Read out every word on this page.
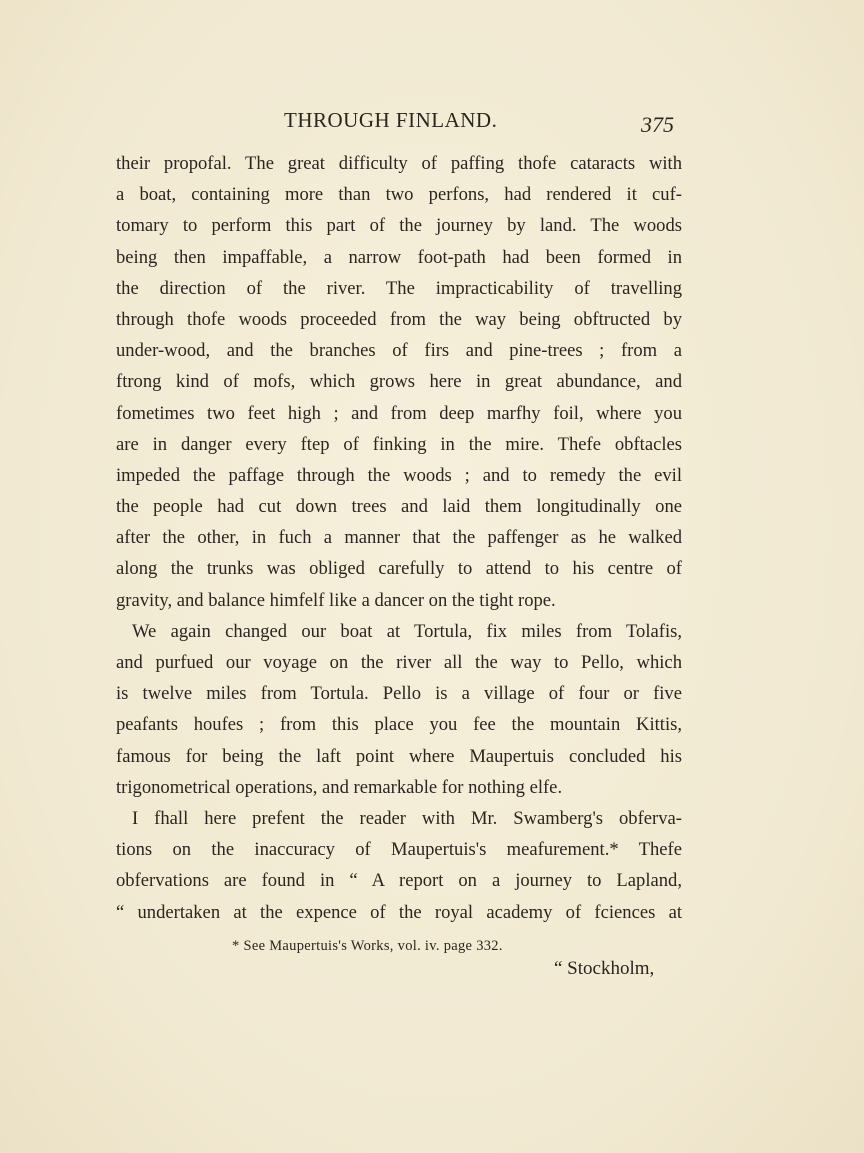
THROUGH FINLAND.	375
their propofal. The great difficulty of paffing thofe cataracts with
a boat, containing more than two perfons, had rendered it cuf-
tomary to perform this part of the journey by land. The woods
being then impaffable, a narrow foot-path had been formed in
the direction of the river. The impracticability of travelling
through thofe woods proceeded from the way being obftructed by
under-wood, and the branches of firs and pine-trees ; from a
ftrong kind of mofs, which grows here in great abundance, and
fometimes two feet high ; and from deep marfhy foil, where you
are in danger every ftep of finking in the mire. Thefe obftacles
impeded the paffage through the woods ; and to remedy the evil
the people had cut down trees and laid them longitudinally one
after the other, in fuch a manner that the paffenger as he walked
along the trunks was obliged carefully to attend to his centre of
gravity, and balance himfelf like a dancer on the tight rope.
We again changed our boat at Tortula, fix miles from Tolafis,
and purfued our voyage on the river all the way to Pello, which
is twelve miles from Tortula. Pello is a village of four or five
peafants houfes ; from this place you fee the mountain Kittis,
famous for being the laft point where Maupertuis concluded his
trigonometrical operations, and remarkable for nothing elfe.
I fhall here prefent the reader with Mr. Swamberg's obferva-
tions on the inaccuracy of Maupertuis's meafurement.* Thefe
obfervations are found in “ A report on a journey to Lapland,
“ undertaken at the expence of the royal academy of fciences at
* See Maupertuis's Works, vol. iv. page 332.
“ Stockholm,
